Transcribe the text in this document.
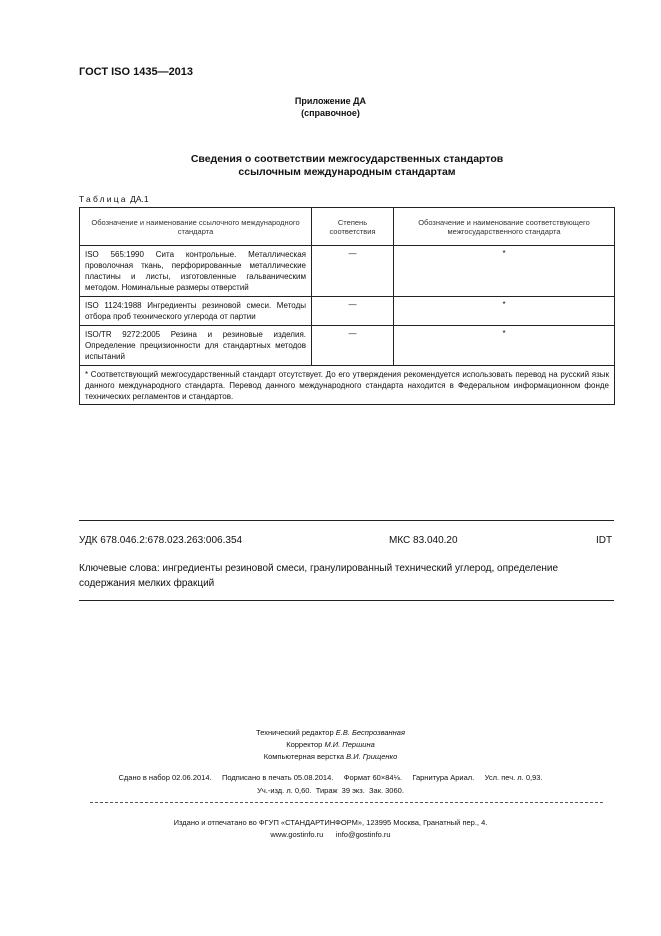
ГОСТ ISO 1435—2013
Приложение ДА
(справочное)
Сведения о соответствии межгосударственных стандартов
ссылочным международным стандартам
Таблица ДА.1
Обозначение и наименование ссылочного международного стандарта	Степень соответствия	Обозначение и наименование соответствующего межгосударственного стандарта
ISO 565:1990 Сита контрольные. Металлическая проволочная ткань, перфорированные металлические пластины и листы, изготовленные гальваническим методом. Номинальные размеры отверстий	—	*
ISO 1124:1988 Ингредиенты резиновой смеси. Методы отбора проб технического углерода от партии	—	*
ISO/TR 9272:2005 Резина и резиновые изделия. Определение прецизионности для стандартных методов испытаний	—	*
* Соответствующий межгосударственный стандарт отсутствует. До его утверждения рекомендуется использовать перевод на русский язык данного международного стандарта. Перевод данного международного стандарта находится в Федеральном информационном фонде технических регламентов и стандартов.		
УДК 678.046.2:678.023.263:006.354	МКС 83.040.20	IDT
Ключевые слова: ингредиенты резиновой смеси, гранулированный технический углерод, определение содержания мелких фракций
Технический редактор Е.В. Беспрозванная
Корректор М.И. Першина
Компьютерная верстка В.И. Грищенко
Сдано в набор 02.06.2014.     Подписано в печать 05.08.2014.     Формат 60×84⅛.     Гарнитура Ариал.     Усл. печ. л. 0,93.
Уч.-изд. л. 0,60.  Тираж  39 экз.  Зак. 3060.
Издано и отпечатано во ФГУП «СТАНДАРТИНФОРМ», 123995 Москва, Гранатный пер., 4.
www.gostinfo.ru info@gostinfo.ru
